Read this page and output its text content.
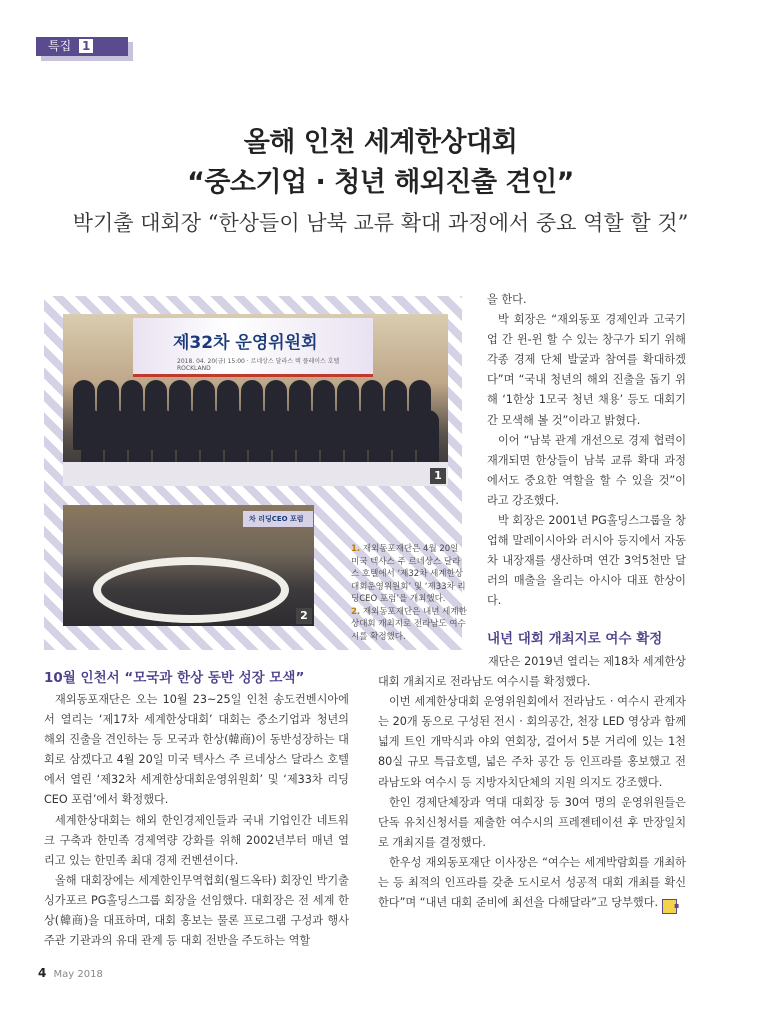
특집 1
올해 인천 세계한상대회
“중소기업 · 청년 해외진출 견인”
박기출 대회장 “한상들이 남북 교류 확대 과정에서 중요 역할 할 것”
제32차 운영위원회
2018. 04. 20(금) 15:00 · 르네상스 달라스 텍 플레이스 호텔 ROCKLAND
1
차 리딩CEO 포럼
2
1. 재외동포재단은 4월 20일 미국 텍사스 주 르네상스 달라스 호텔에서 ‘제32차 세계한상대회운영위원회’ 및 ‘제33차 리딩CEO 포럼’을 개최했다.
2. 재외동포재단은 내년 세계한상대회 개최지로 전라남도 여수시를 확정했다.
10월 인천서 “모국과 한상 동반 성장 모색”

재외동포재단은 오는 10월 23~25일 인천 송도컨벤시아에서 열리는 ‘제17차 세계한상대회’ 대회는 중소기업과 청년의 해외 진출을 견인하는 등 모국과 한상(韓商)이 동반성장하는 대회로 삼겠다고 4월 20일 미국 텍사스 주 르네상스 달라스 호텔에서 열린 ‘제32차 세계한상대회운영위원회’ 및 ‘제33차 리딩CEO 포럼’에서 확정했다.

세계한상대회는 해외 한인경제인들과 국내 기업인간 네트워크 구축과 한민족 경제역량 강화를 위해 2002년부터 매년 열리고 있는 한민족 최대 경제 컨벤션이다.

올해 대회장에는 세계한인무역협회(월드옥타) 회장인 박기출 싱가포르 PG홀딩스그룹 회장을 선임했다. 대회장은 전 세계 한상(韓商)을 대표하며, 대회 홍보는 물론 프로그램 구성과 행사 주관 기관과의 유대 관계 등 대회 전반을 주도하는 역할

을 한다.

박 회장은 “재외동포 경제인과 고국기업 간 윈-윈 할 수 있는 창구가 되기 위해 각종 경제 단체 발굴과 참여를 확대하겠다”며 “국내 청년의 해외 진출을 돕기 위해 ‘1한상 1모국 청년 채용’ 등도 대회기간 모색해 볼 것”이라고 밝혔다.

이어 “남북 관계 개선으로 경제 협력이 재개되면 한상들이 남북 교류 확대 과정에서도 중요한 역할을 할 수 있을 것”이라고 강조했다.

박 회장은 2001년 PG홀딩스그룹을 창업해 말레이시아와 러시아 등지에서 자동차 내장재를 생산하며 연간 3억5천만 달러의 매출을 올리는 아시아 대표 한상이다.

내년 대회 개최지로 여수 확정

재단은 2019년 열리는 제18차 세계한상대회 개최지로 전라남도 여수시를 확정했다.

이번 세계한상대회 운영위원회에서 전라남도 · 여수시 관계자는 20개 동으로 구성된 전시 · 회의공간, 천장 LED 영상과 함께 넓게 트인 개막식과 야외 연회장, 걸어서 5분 거리에 있는 1천80실 규모 특급호텔, 넓은 주차 공간 등 인프라를 홍보했고 전라남도와 여수시 등 지방자치단체의 지원 의지도 강조했다.

한인 경제단체장과 역대 대회장 등 30여 명의 운영위원들은 단독 유치신청서를 제출한 여수시의 프레젠테이션 후 만장일치로 개최지를 결정했다.

한우성 재외동포재단 이사장은 “여수는 세계박람회를 개최하는 등 최적의 인프라를 갖춘 도시로서 성공적 대회 개최를 확신한다”며 “내년 대회 준비에 최선을 다해달라”고 당부했다. ▪

4 May 2018
